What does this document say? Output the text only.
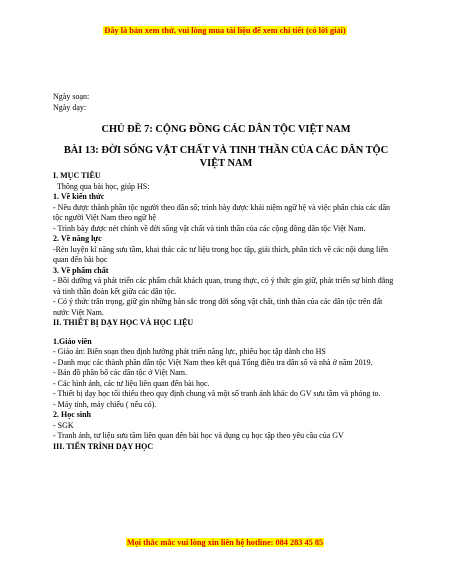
Đây là bản xem thử, vui lòng mua tài liệu để xem chi tiết (có lời giải)
Ngày soạn:
Ngày dạy:
CHỦ ĐỀ 7: CỘNG ĐỒNG CÁC DÂN TỘC VIỆT NAM
BÀI 13: ĐỜI SỐNG VẬT CHẤT VÀ TINH THẦN CỦA CÁC DÂN TỘC VIỆT NAM
I. MỤC TIÊU
Thông qua bài học, giúp HS:
1. Về kiến thức
- Nêu được thành phần tộc người theo dân số; trình bày được khái niệm ngữ hệ và việc phân chia các dân tộc người Việt Nam theo ngữ hệ
- Trình bày được nét chính về đời sống vật chất và tinh thần của các cộng đồng dân tộc Việt Nam.
2. Về năng lực
-Rèn luyện kĩ năng sưu tầm, khai thác các tư liệu trong học tập, giải thích, phân tích về các nội dung liên quan đến bài học
3. Về phẩm chất
- Bồi dưỡng và phát triển các phẩm chất khách quan, trung thực, có ý thức gìn giữ, phát triển sự bình đẳng và tinh thần đoàn kết giữa các dân tộc.
- Có ý thức trân trọng, giữ gìn những bản sắc trong đời sống vật chất, tinh thần của các dân tộc trên đất nước Việt Nam.
II. THIẾT BỊ DẠY HỌC VÀ HỌC LIỆU
1.Giáo viên
- Giáo án: Biên soạn theo định hướng phát triển năng lực, phiếu học tập dành cho HS
- Danh mục các thành phần dân tộc Việt Nam theo kết quả Tổng điều tra dân số và nhà ở năm 2019.
- Bản đồ phân bố các dân tộc ở Việt Nam.
- Các hình ảnh, các tư liệu liên quan đến bài học.
- Thiết bị dạy học tối thiểu theo quy định chung và một số tranh ảnh khác do GV sưu tầm và phóng to.
- Máy tính, máy chiếu ( nếu có).
2. Học sinh
- SGK
- Tranh ảnh, tư liệu sưu tầm liên quan đến bài học và dụng cụ học tập theo yêu cầu của GV
III. TIẾN TRÌNH DẠY HỌC
Mọi thắc mắc vui lòng xin liên hệ hotline: 084 283 45 85
